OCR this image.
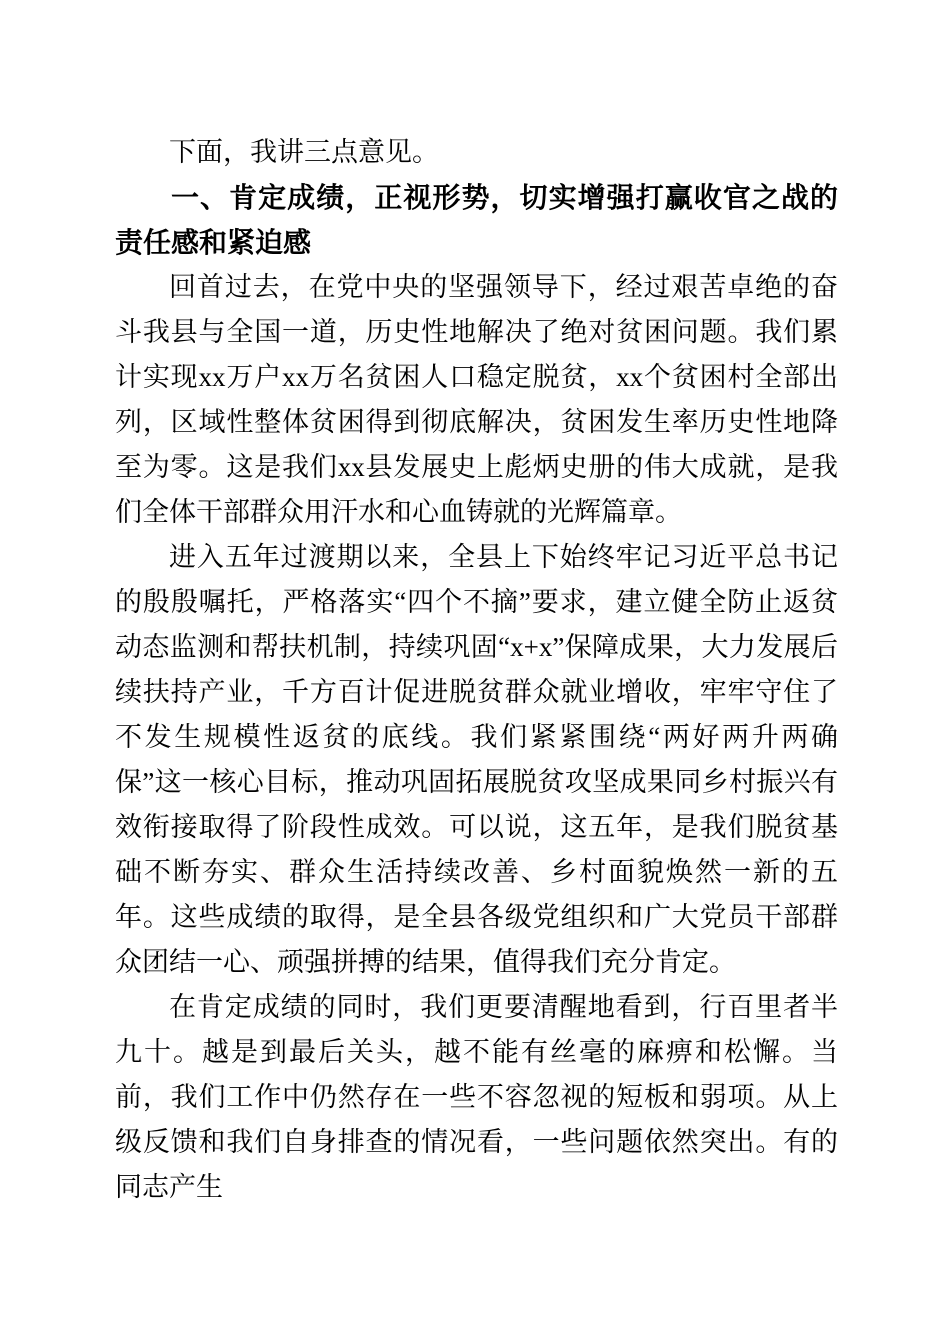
下面，我讲三点意见。

一、肯定成绩，正视形势，切实增强打赢收官之战的责任感和紧迫感

回首过去，在党中央的坚强领导下，经过艰苦卓绝的奋斗我县与全国一道，历史性地解决了绝对贫困问题。我们累计实现xx万户xx万名贫困人口稳定脱贫，xx个贫困村全部出列，区域性整体贫困得到彻底解决，贫困发生率历史性地降至为零。这是我们xx县发展史上彪炳史册的伟大成就，是我们全体干部群众用汗水和心血铸就的光辉篇章。

进入五年过渡期以来，全县上下始终牢记习近平总书记的殷殷嘱托，严格落实“四个不摘”要求，建立健全防止返贫动态监测和帮扶机制，持续巩固“x+x”保障成果，大力发展后续扶持产业，千方百计促进脱贫群众就业增收，牢牢守住了不发生规模性返贫的底线。我们紧紧围绕“两好两升两确保”这一核心目标，推动巩固拓展脱贫攻坚成果同乡村振兴有效衔接取得了阶段性成效。可以说，这五年，是我们脱贫基础不断夯实、群众生活持续改善、乡村面貌焕然一新的五年。这些成绩的取得，是全县各级党组织和广大党员干部群众团结一心、顽强拼搏的结果，值得我们充分肯定。

在肯定成绩的同时，我们更要清醒地看到，行百里者半九十。越是到最后关头，越不能有丝毫的麻痹和松懈。当前，我们工作中仍然存在一些不容忽视的短板和弱项。从上级反馈和我们自身排查的情况看，一些问题依然突出。有的同志产生
